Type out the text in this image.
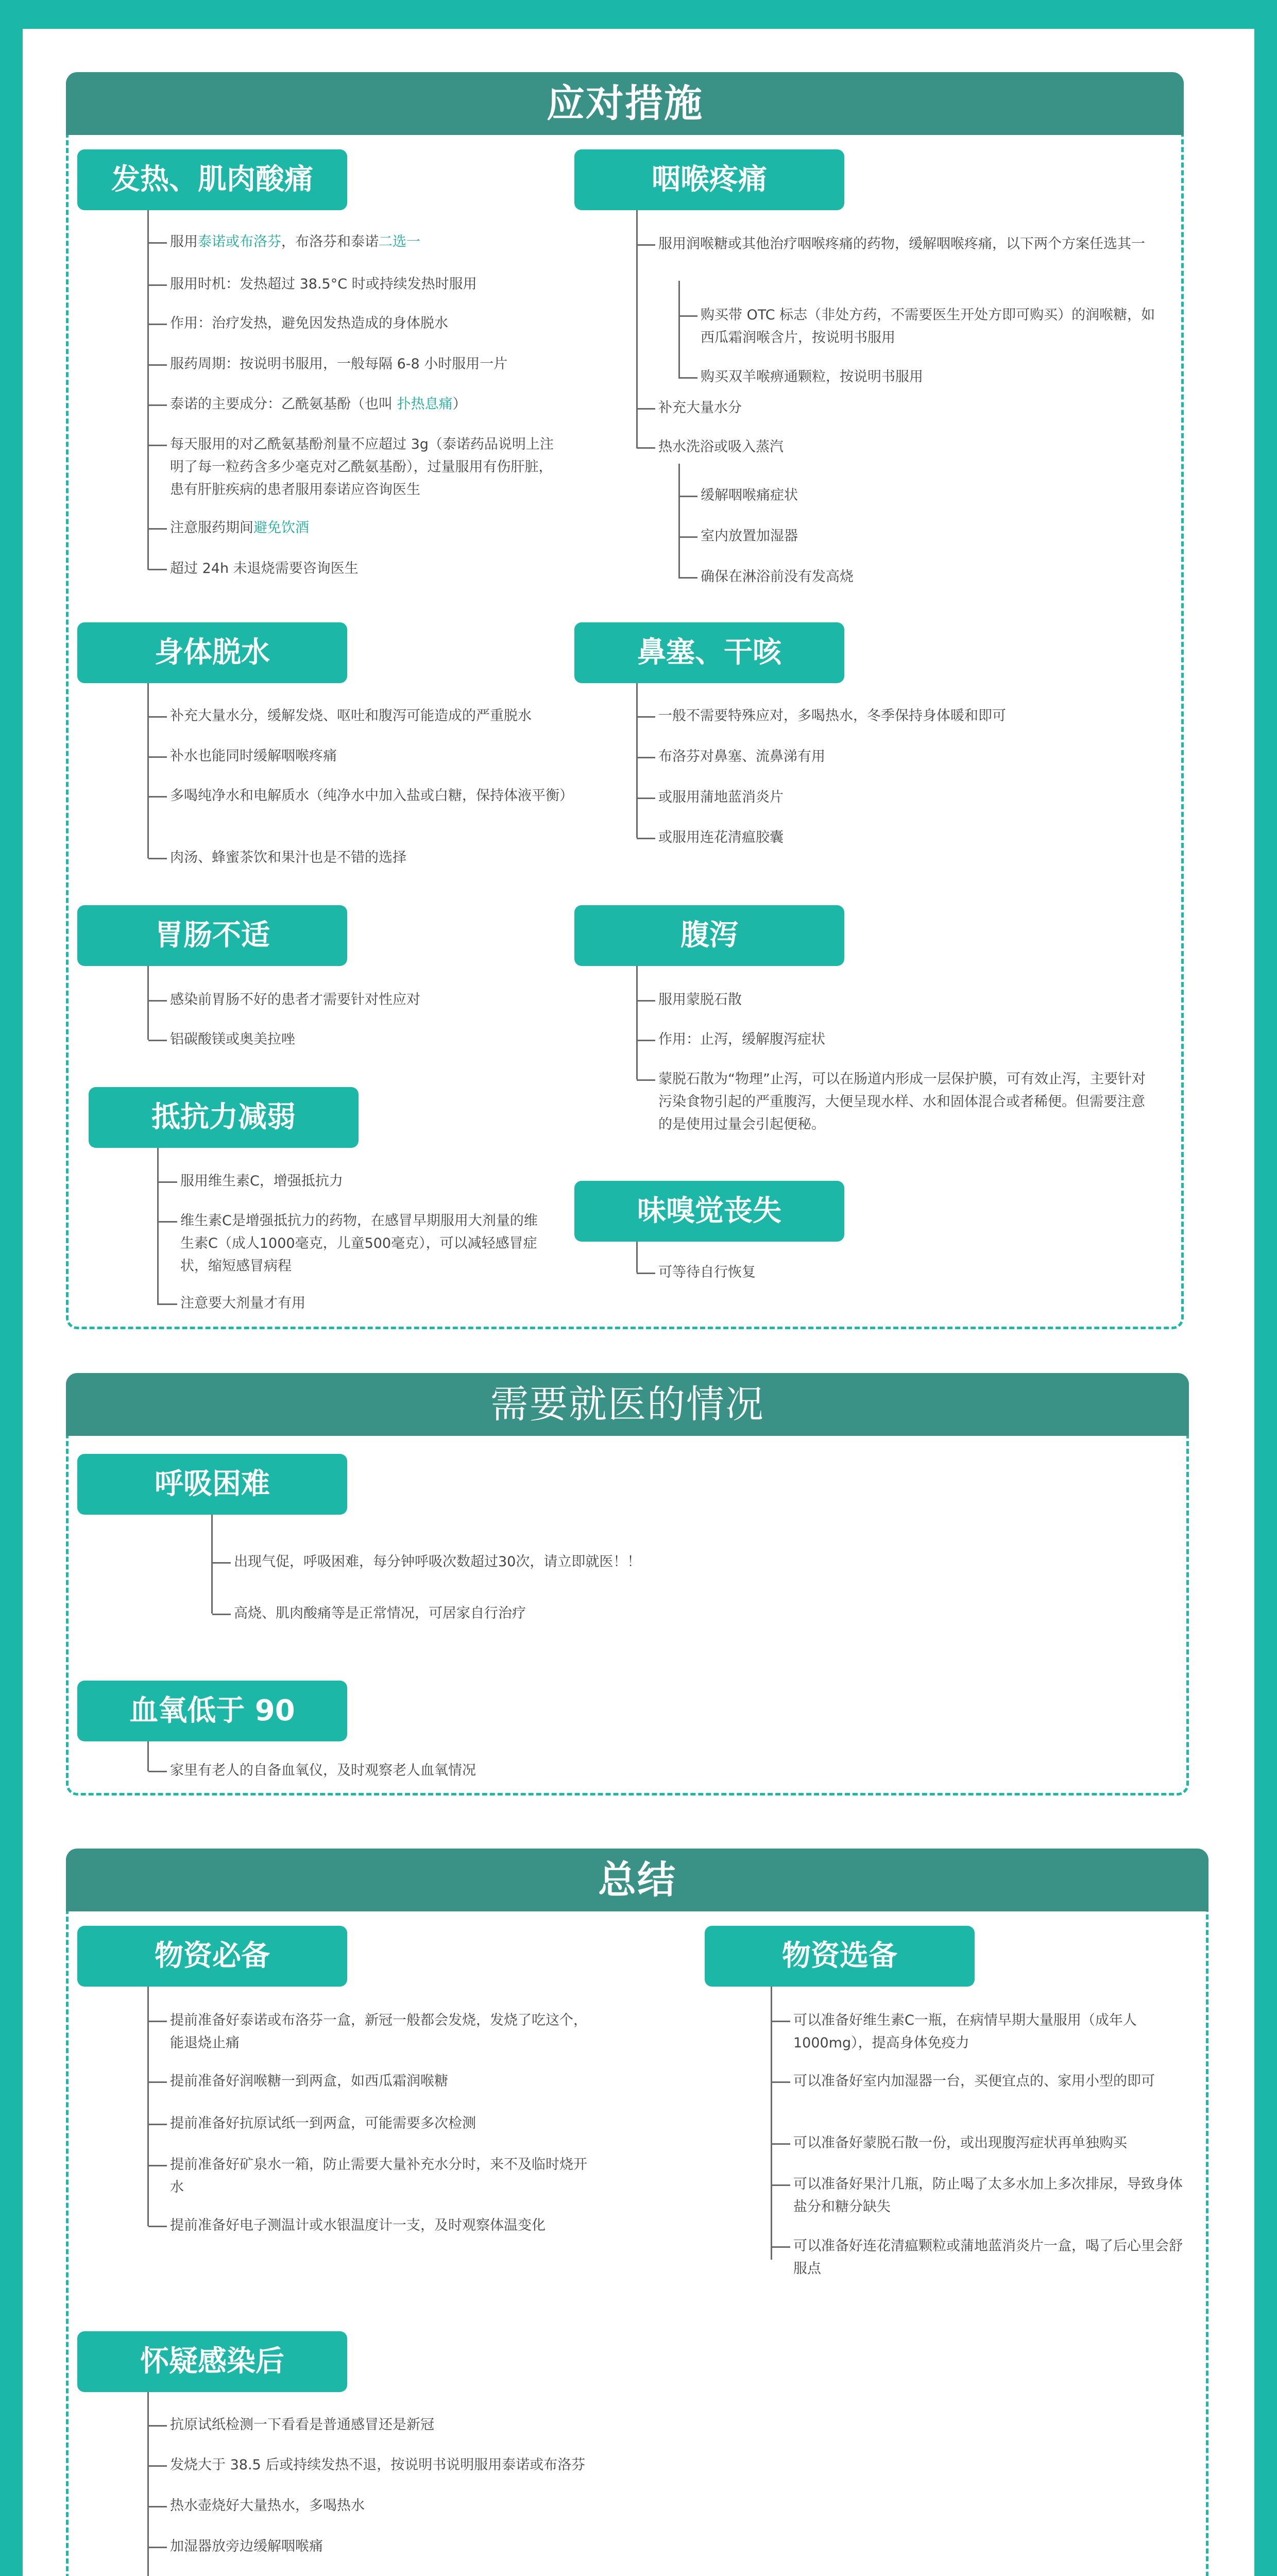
应对措施
发热、肌肉酸痛
服用泰诺或布洛芬，布洛芬和泰诺二选一
服用时机：发热超过 38.5°C 时或持续发热时服用
作用：治疗发热，避免因发热造成的身体脱水
服药周期：按说明书服用，一般每隔 6-8 小时服用一片
泰诺的主要成分：乙酰氨基酚（也叫 扑热息痛）
每天服用的对乙酰氨基酚剂量不应超过 3g（泰诺药品说明上注明了每一粒药含多少毫克对乙酰氨基酚），过量服用有伤肝脏，患有肝脏疾病的患者服用泰诺应咨询医生
注意服药期间避免饮酒
超过 24h 未退烧需要咨询医生
咽喉疼痛
服用润喉糖或其他治疗咽喉疼痛的药物，缓解咽喉疼痛，以下两个方案任选其一
购买带 OTC 标志（非处方药，不需要医生开处方即可购买）的润喉糖，如西瓜霜润喉含片，按说明书服用
购买双羊喉痹通颗粒，按说明书服用
补充大量水分
热水洗浴或吸入蒸汽
缓解咽喉痛症状
室内放置加湿器
确保在淋浴前没有发高烧
身体脱水
补充大量水分，缓解发烧、呕吐和腹泻可能造成的严重脱水
补水也能同时缓解咽喉疼痛
多喝纯净水和电解质水（纯净水中加入盐或白糖，保持体液平衡）
肉汤、蜂蜜茶饮和果汁也是不错的选择
鼻塞、干咳
一般不需要特殊应对，多喝热水，冬季保持身体暖和即可
布洛芬对鼻塞、流鼻涕有用
或服用蒲地蓝消炎片
或服用连花清瘟胶囊
胃肠不适
感染前胃肠不好的患者才需要针对性应对
铝碳酸镁或奥美拉唑
腹泻
服用蒙脱石散
作用：止泻，缓解腹泻症状
蒙脱石散为“物理”止泻，可以在肠道内形成一层保护膜，可有效止泻，主要针对污染食物引起的严重腹泻，大便呈现水样、水和固体混合或者稀便。但需要注意的是使用过量会引起便秘。
抵抗力减弱
服用维生素C，增强抵抗力
维生素C是增强抵抗力的药物，在感冒早期服用大剂量的维生素C（成人1000毫克，儿童500毫克），可以减轻感冒症状，缩短感冒病程
注意要大剂量才有用
味嗅觉丧失
可等待自行恢复
需要就医的情况
呼吸困难
出现气促，呼吸困难，每分钟呼吸次数超过30次，请立即就医！！
高烧、肌肉酸痛等是正常情况，可居家自行治疗
血氧低于 90
家里有老人的自备血氧仪，及时观察老人血氧情况
总结
物资必备
提前准备好泰诺或布洛芬一盒，新冠一般都会发烧，发烧了吃这个，能退烧止痛
提前准备好润喉糖一到两盒，如西瓜霜润喉糖
提前准备好抗原试纸一到两盒，可能需要多次检测
提前准备好矿泉水一箱，防止需要大量补充水分时，来不及临时烧开水
提前准备好电子测温计或水银温度计一支，及时观察体温变化
物资选备
可以准备好维生素C一瓶，在病情早期大量服用（成年人1000mg），提高身体免疫力
可以准备好室内加湿器一台，买便宜点的、家用小型的即可
可以准备好蒙脱石散一份，或出现腹泻症状再单独购买
可以准备好果汁几瓶，防止喝了太多水加上多次排尿，导致身体盐分和糖分缺失
可以准备好连花清瘟颗粒或蒲地蓝消炎片一盒，喝了后心里会舒服点
怀疑感染后
抗原试纸检测一下看看是普通感冒还是新冠
发烧大于 38.5 后或持续发热不退，按说明书说明服用泰诺或布洛芬
热水壶烧好大量热水，多喝热水
加湿器放旁边缓解咽喉痛
